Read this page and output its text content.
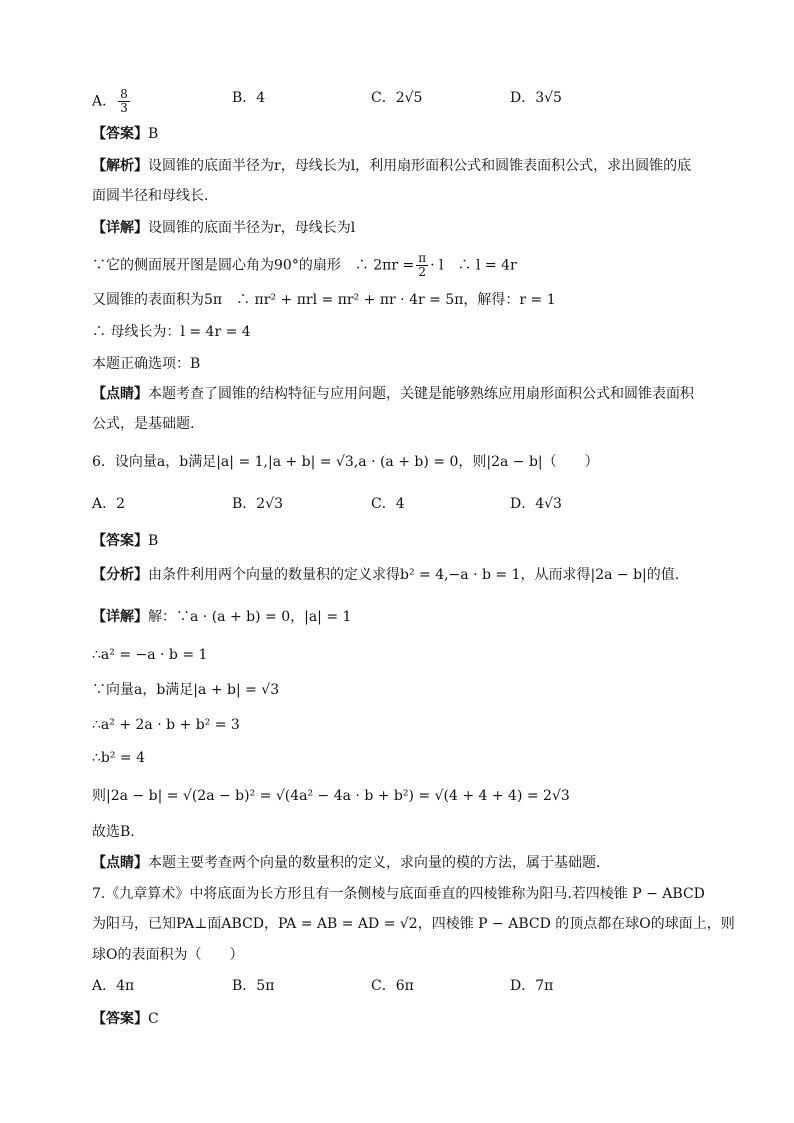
A． $\frac{8}{3}$	B．4	C．2√5	D．3√5
【答案】B
【解析】设圆锥的底面半径为r，母线长为l，利用扇形面积公式和圆锥表面积公式，求出圆锥的底
面圆半径和母线长.
【详解】设圆锥的底面半径为r，母线长为l
∵它的侧面展开图是圆心角为90°的扇形　∴ $2\pi r = \frac{\pi}{2} \cdot l$　∴ l = 4r
又圆锥的表面积为5π　∴ πr² + πrl = πr² + πr · 4r = 5π，解得：r = 1
∴ 母线长为：l = 4r = 4
本题正确选项：B
【点睛】本题考查了圆锥的结构特征与应用问题，关键是能够熟练应用扇形面积公式和圆锥表面积
公式，是基础题.
6．设向量a，b满足|a| = 1,|a + b| = √3,a · (a + b) = 0，则|2a − b|（　　）
A．2	B．2√3	C．4	D．4√3
【答案】B
【分析】由条件利用两个向量的数量积的定义求得b² = 4,−a · b = 1，从而求得|2a − b|的值.
【详解】解：∵a · (a + b) = 0，|a| = 1
∴a² = −a · b = 1
∵向量a，b满足|a + b| = √3
∴a² + 2a · b + b² = 3
∴b² = 4
则|2a − b| = √(2a − b)² = √(4a² − 4a · b + b²) = √(4 + 4 + 4) = 2√3
故选B.
【点睛】本题主要考查两个向量的数量积的定义，求向量的模的方法，属于基础题.
7.《九章算术》中将底面为长方形且有一条侧棱与底面垂直的四棱锥称为阳马.若四棱锥 P − ABCD
为阳马，已知PA⊥面ABCD，PA = AB = AD = √2，四棱锥 P − ABCD 的顶点都在球O的球面上，则
球O的表面积为（　　）
A．4π	B．5π	C．6π	D．7π
【答案】C
